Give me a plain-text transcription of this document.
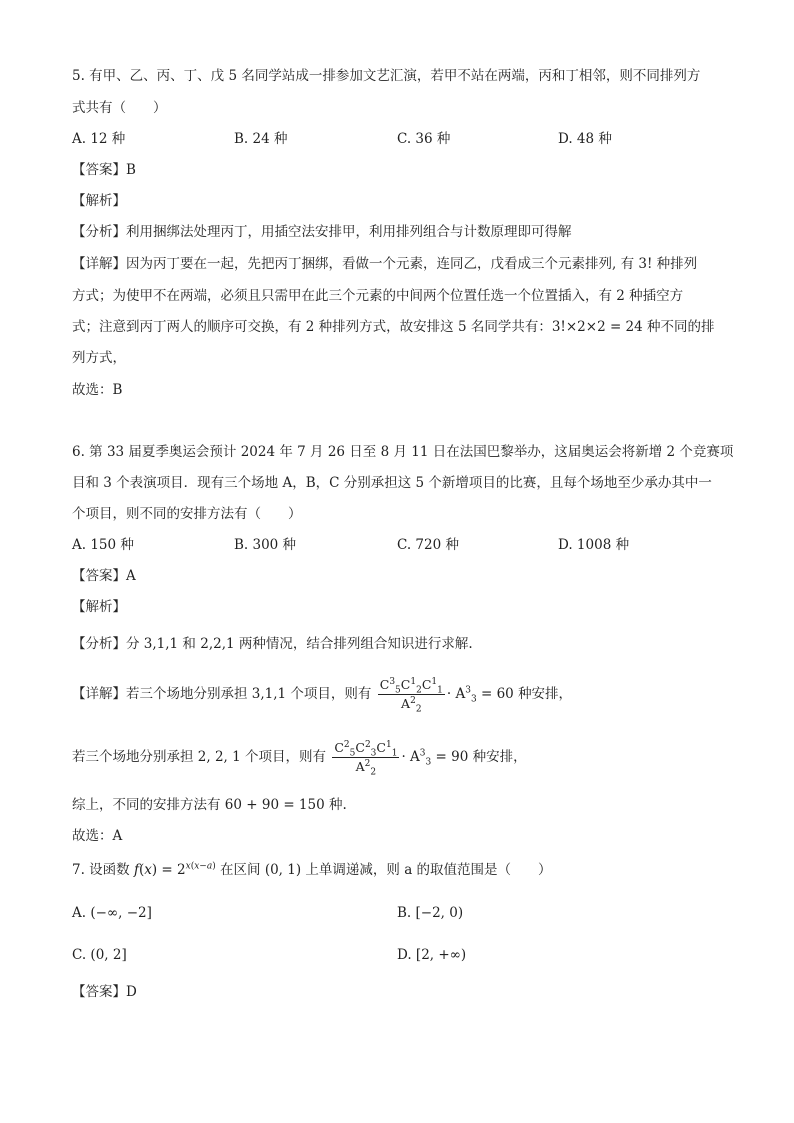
5. 有甲、乙、丙、丁、戊 5 名同学站成一排参加文艺汇演，若甲不站在两端，丙和丁相邻，则不同排列方
式共有（　　）
A. 12 种	B. 24 种	C. 36 种	D. 48 种
【答案】B
【解析】
【分析】利用捆绑法处理丙丁，用插空法安排甲，利用排列组合与计数原理即可得解
【详解】因为丙丁要在一起，先把丙丁捆绑，看做一个元素，连同乙，戊看成三个元素排列, 有 3! 种排列
方式；为使甲不在两端，必须且只需甲在此三个元素的中间两个位置任选一个位置插入，有 2 种插空方
式；注意到丙丁两人的顺序可交换，有 2 种排列方式，故安排这 5 名同学共有：3!×2×2 = 24 种不同的排
列方式，
故选：B
6. 第 33 届夏季奥运会预计 2024 年 7 月 26 日至 8 月 11 日在法国巴黎举办，这届奥运会将新增 2 个竞赛项
目和 3 个表演项目．现有三个场地 A，B，C 分别承担这 5 个新增项目的比赛，且每个场地至少承办其中一
个项目，则不同的安排方法有（　　）
A. 150 种	B. 300 种	C. 720 种	D. 1008 种
【答案】A
【解析】
【分析】分 3,1,1 和 2,2,1 两种情况，结合排列组合知识进行求解.
【详解】若三个场地分别承担 3,1,1 个项目，则有 $\frac{C^3_5C^1_2C^1_1}{A^2_2} \cdot A^3_3 = 60$ 种安排，
若三个场地分别承担 2, 2, 1 个项目，则有 $\frac{C^2_5C^2_3C^1_1}{A^2_2} \cdot A^3_3 = 90$ 种安排，
综上，不同的安排方法有 60 + 90 = 150 种.
故选：A
7. 设函数 $f(x) = 2^{x(x-a)}$ 在区间 (0, 1) 上单调递减，则 a 的取值范围是（　　）
A. (−∞, −2]	B. [−2, 0)
C. (0, 2]	D. [2, +∞)
【答案】D
